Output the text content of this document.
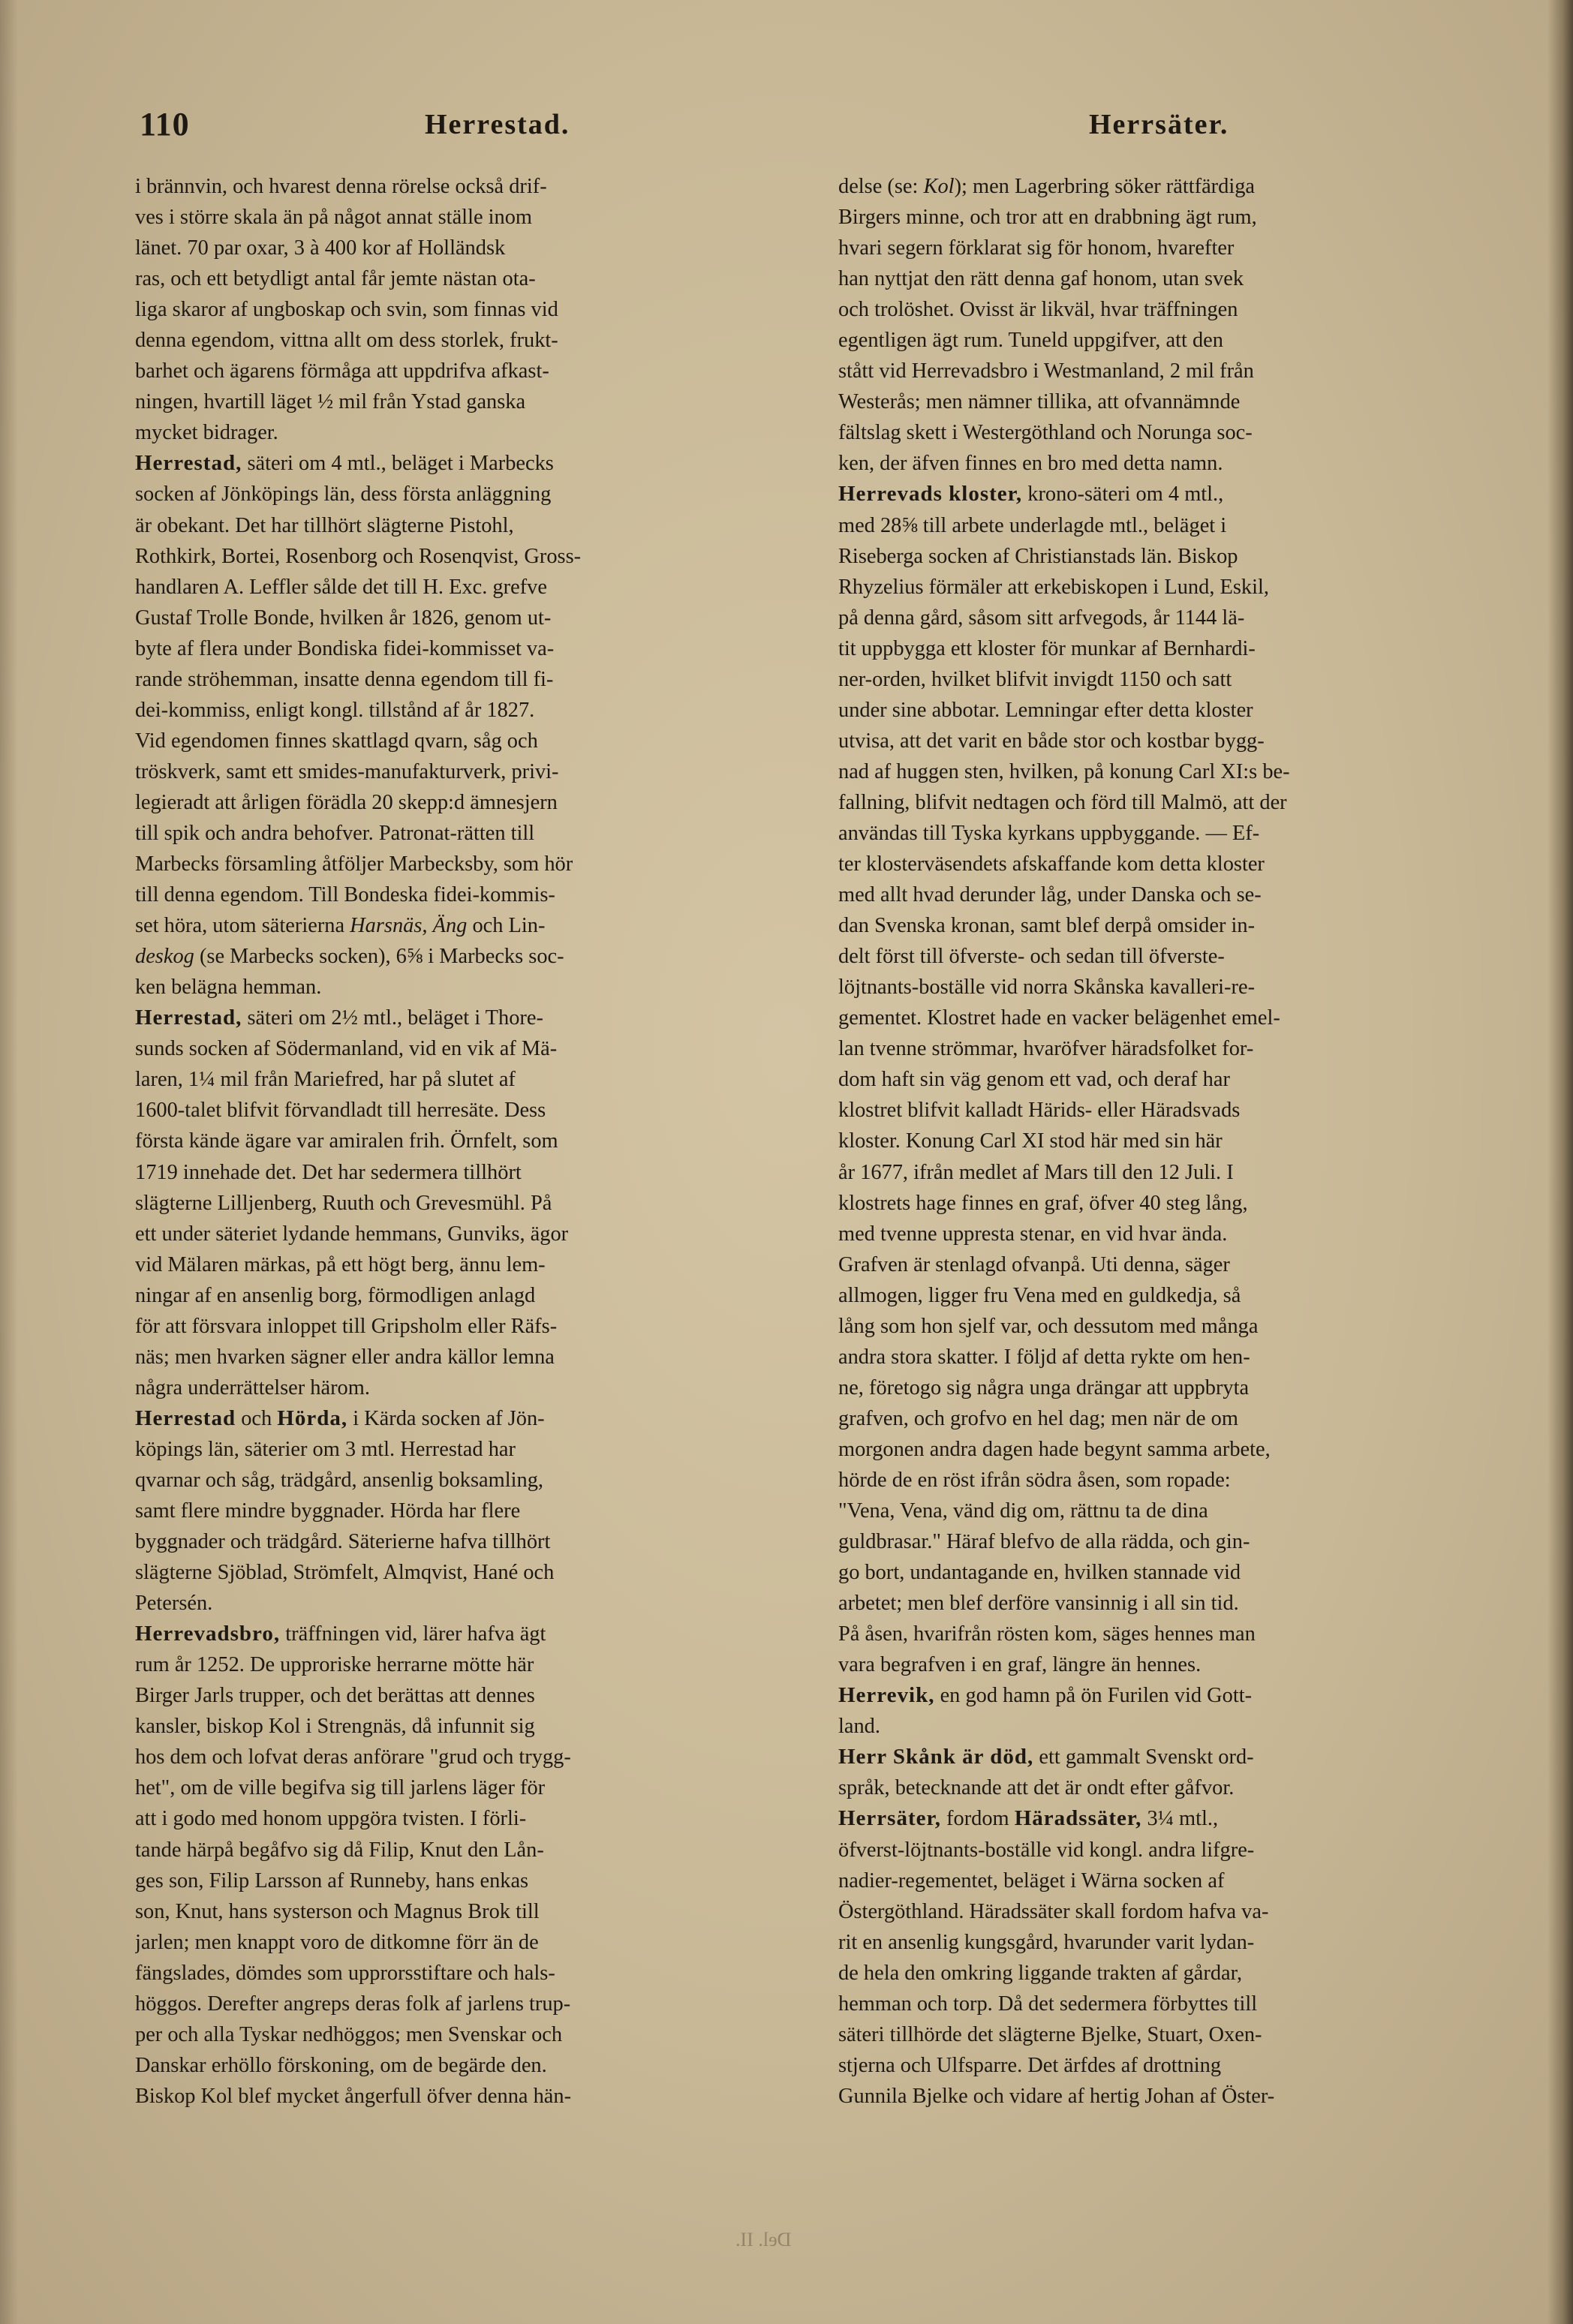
110	Herrestad.	Herrsäter.
i brännvin, och hvarest denna rörelse också drif-
ves i större skala än på något annat ställe inom
länet. 70 par oxar, 3 à 400 kor af Holländsk
ras, och ett betydligt antal får jemte nästan ota-
liga skaror af ungboskap och svin, som finnas vid
denna egendom, vittna allt om dess storlek, frukt-
barhet och ägarens förmåga att uppdrifva afkast-
ningen, hvartill läget ½ mil från Ystad ganska
mycket bidrager.
Herrestad, säteri om 4 mtl., beläget i Marbecks
socken af Jönköpings län, dess första anläggning
är obekant. Det har tillhört slägterne Pistohl,
Rothkirk, Bortei, Rosenborg och Rosenqvist, Gross-
handlaren A. Leffler sålde det till H. Exc. grefve
Gustaf Trolle Bonde, hvilken år 1826, genom ut-
byte af flera under Bondiska fidei-kommisset va-
rande ströhemman, insatte denna egendom till fi-
dei-kommiss, enligt kongl. tillstånd af år 1827.
Vid egendomen finnes skattlagd qvarn, såg och
tröskverk, samt ett smides-manufakturverk, privi-
legieradt att årligen förädla 20 skepp:d ämnesjern
till spik och andra behofver. Patronat-rätten till
Marbecks församling åtföljer Marbecksby, som hör
till denna egendom. Till Bondeska fidei-kommis-
set höra, utom säterierna Harsnäs, Äng och Lin-
deskog (se Marbecks socken), 6⅝ i Marbecks soc-
ken belägna hemman.
Herrestad, säteri om 2½ mtl., beläget i Thore-
sunds socken af Södermanland, vid en vik af Mä-
laren, 1¼ mil från Mariefred, har på slutet af
1600-talet blifvit förvandladt till herresäte. Dess
första kände ägare var amiralen frih. Örnfelt, som
1719 innehade det. Det har sedermera tillhört
slägterne Lilljenberg, Ruuth och Grevesmühl. På
ett under säteriet lydande hemmans, Gunviks, ägor
vid Mälaren märkas, på ett högt berg, ännu lem-
ningar af en ansenlig borg, förmodligen anlagd
för att försvara inloppet till Gripsholm eller Räfs-
näs; men hvarken sägner eller andra källor lemna
några underrättelser härom.
Herrestad och Hörda, i Kärda socken af Jön-
köpings län, säterier om 3 mtl. Herrestad har
qvarnar och såg, trädgård, ansenlig boksamling,
samt flere mindre byggnader. Hörda har flere
byggnader och trädgård. Säterierne hafva tillhört
slägterne Sjöblad, Strömfelt, Almqvist, Hané och
Petersén.
Herrevadsbro, träffningen vid, lärer hafva ägt
rum år 1252. De upproriske herrarne mötte här
Birger Jarls trupper, och det berättas att dennes
kansler, biskop Kol i Strengnäs, då infunnit sig
hos dem och lofvat deras anförare "grud och trygg-
het", om de ville begifva sig till jarlens läger för
att i godo med honom uppgöra tvisten. I förli-
tande härpå begåfvo sig då Filip, Knut den Lån-
ges son, Filip Larsson af Runneby, hans enkas
son, Knut, hans systerson och Magnus Brok till
jarlen; men knappt voro de ditkomne förr än de
fängslades, dömdes som upprorsstiftare och hals-
höggos. Derefter angreps deras folk af jarlens trup-
per och alla Tyskar nedhöggos; men Svenskar och
Danskar erhöllo förskoning, om de begärde den.
Biskop Kol blef mycket ångerfull öfver denna hän-
delse (se: Kol); men Lagerbring söker rättfärdiga
Birgers minne, och tror att en drabbning ägt rum,
hvari segern förklarat sig för honom, hvarefter
han nyttjat den rätt denna gaf honom, utan svek
och trolöshet. Ovisst är likväl, hvar träffningen
egentligen ägt rum. Tuneld uppgifver, att den
stått vid Herrevadsbro i Westmanland, 2 mil från
Westerås; men nämner tillika, att ofvannämnde
fältslag skett i Westergöthland och Norunga soc-
ken, der äfven finnes en bro med detta namn.
Herrevads kloster, krono-säteri om 4 mtl.,
med 28⅝ till arbete underlagde mtl., beläget i
Riseberga socken af Christianstads län. Biskop
Rhyzelius förmäler att erkebiskopen i Lund, Eskil,
på denna gård, såsom sitt arfvegods, år 1144 lä-
tit uppbygga ett kloster för munkar af Bernhardi-
ner-orden, hvilket blifvit invigdt 1150 och satt
under sine abbotar. Lemningar efter detta kloster
utvisa, att det varit en både stor och kostbar bygg-
nad af huggen sten, hvilken, på konung Carl XI:s be-
fallning, blifvit nedtagen och förd till Malmö, att der
användas till Tyska kyrkans uppbyggande. — Ef-
ter klosterväsendets afskaffande kom detta kloster
med allt hvad derunder låg, under Danska och se-
dan Svenska kronan, samt blef derpå omsider in-
delt först till öfverste- och sedan till öfverste-
löjtnants-boställe vid norra Skånska kavalleri-re-
gementet. Klostret hade en vacker belägenhet emel-
lan tvenne strömmar, hvaröfver häradsfolket for-
dom haft sin väg genom ett vad, och deraf har
klostret blifvit kalladt Härids- eller Häradsvads
kloster. Konung Carl XI stod här med sin här
år 1677, ifrån medlet af Mars till den 12 Juli. I
klostrets hage finnes en graf, öfver 40 steg lång,
med tvenne uppresta stenar, en vid hvar ända.
Grafven är stenlagd ofvanpå. Uti denna, säger
allmogen, ligger fru Vena med en guldkedja, så
lång som hon sjelf var, och dessutom med många
andra stora skatter. I följd af detta rykte om hen-
ne, företogo sig några unga drängar att uppbryta
grafven, och grofvo en hel dag; men när de om
morgonen andra dagen hade begynt samma arbete,
hörde de en röst ifrån södra åsen, som ropade:
"Vena, Vena, vänd dig om, rättnu ta de dina
guldbrasar." Häraf blefvo de alla rädda, och gin-
go bort, undantagande en, hvilken stannade vid
arbetet; men blef derföre vansinnig i all sin tid.
På åsen, hvarifrån rösten kom, säges hennes man
vara begrafven i en graf, längre än hennes.
Herrevik, en god hamn på ön Furilen vid Gott-
land.
Herr Skånk är död, ett gammalt Svenskt ord-
språk, betecknande att det är ondt efter gåfvor.
Herrsäter, fordom Häradssäter, 3¼ mtl.,
öfverst-löjtnants-boställe vid kongl. andra lifgre-
nadier-regementet, beläget i Wärna socken af
Östergöthland. Häradssäter skall fordom hafva va-
rit en ansenlig kungsgård, hvarunder varit lydan-
de hela den omkring liggande trakten af gårdar,
hemman och torp. Då det sedermera förbyttes till
säteri tillhörde det slägterne Bjelke, Stuart, Oxen-
stjerna och Ulfsparre. Det ärfdes af drottning
Gunnila Bjelke och vidare af hertig Johan af Öster-
Del. II.
